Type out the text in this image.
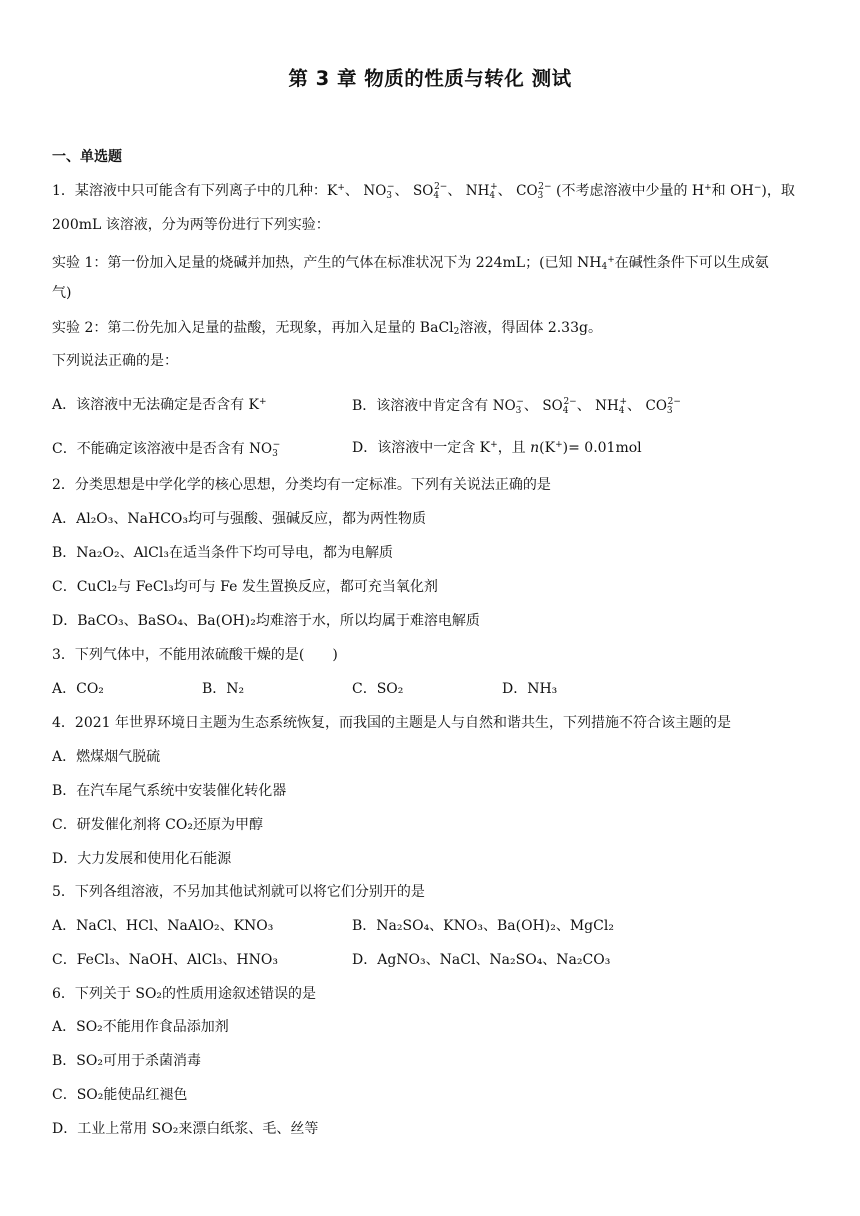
第 3 章 物质的性质与转化 测试
一、单选题
1．某溶液中只可能含有下列离子中的几种：K+、 $NO_3^-$、 $SO_4^{2-}$、 $NH_4^+$、 $CO_3^{2-}$ (不考虑溶液中少量的 H+和 OH−)，取
200mL 该溶液，分为两等份进行下列实验：
实验 1：第一份加入足量的烧碱并加热，产生的气体在标准状况下为 224mL；(已知 $NH_4^+$在碱性条件下可以生成氨
气)
实验 2：第二份先加入足量的盐酸，无现象，再加入足量的 BaCl$_2$溶液，得固体 2.33g。
下列说法正确的是：
A．该溶液中无法确定是否含有 K+	B．该溶液中肯定含有 $NO_3^-$、 $SO_4^{2-}$、 $NH_4^+$、 $CO_3^{2-}$
C．不能确定该溶液中是否含有 $NO_3^-$	D．该溶液中一定含 K+，且 n(K+)= 0.01mol
2．分类思想是中学化学的核心思想，分类均有一定标准。下列有关说法正确的是
A．Al₂O₃、NaHCO₃均可与强酸、强碱反应，都为两性物质
B．Na₂O₂、AlCl₃在适当条件下均可导电，都为电解质
C．CuCl₂与 FeCl₃均可与 Fe 发生置换反应，都可充当氧化剂
D．BaCO₃、BaSO₄、Ba(OH)₂均难溶于水，所以均属于难溶电解质
3．下列气体中，不能用浓硫酸干燥的是(　　)
A．CO₂	B．N₂	C．SO₂	D．NH₃
4．2021 年世界环境日主题为生态系统恢复，而我国的主题是人与自然和谐共生，下列措施不符合该主题的是
A．燃煤烟气脱硫
B．在汽车尾气系统中安装催化转化器
C．研发催化剂将 CO₂还原为甲醇
D．大力发展和使用化石能源
5．下列各组溶液，不另加其他试剂就可以将它们分别开的是
A．NaCl、HCl、NaAlO₂、KNO₃	B．Na₂SO₄、KNO₃、Ba(OH)₂、MgCl₂
C．FeCl₃、NaOH、AlCl₃、HNO₃	D．AgNO₃、NaCl、Na₂SO₄、Na₂CO₃
6．下列关于 SO₂的性质用途叙述错误的是
A．SO₂不能用作食品添加剂
B．SO₂可用于杀菌消毒
C．SO₂能使品红褪色
D．工业上常用 SO₂来漂白纸浆、毛、丝等
